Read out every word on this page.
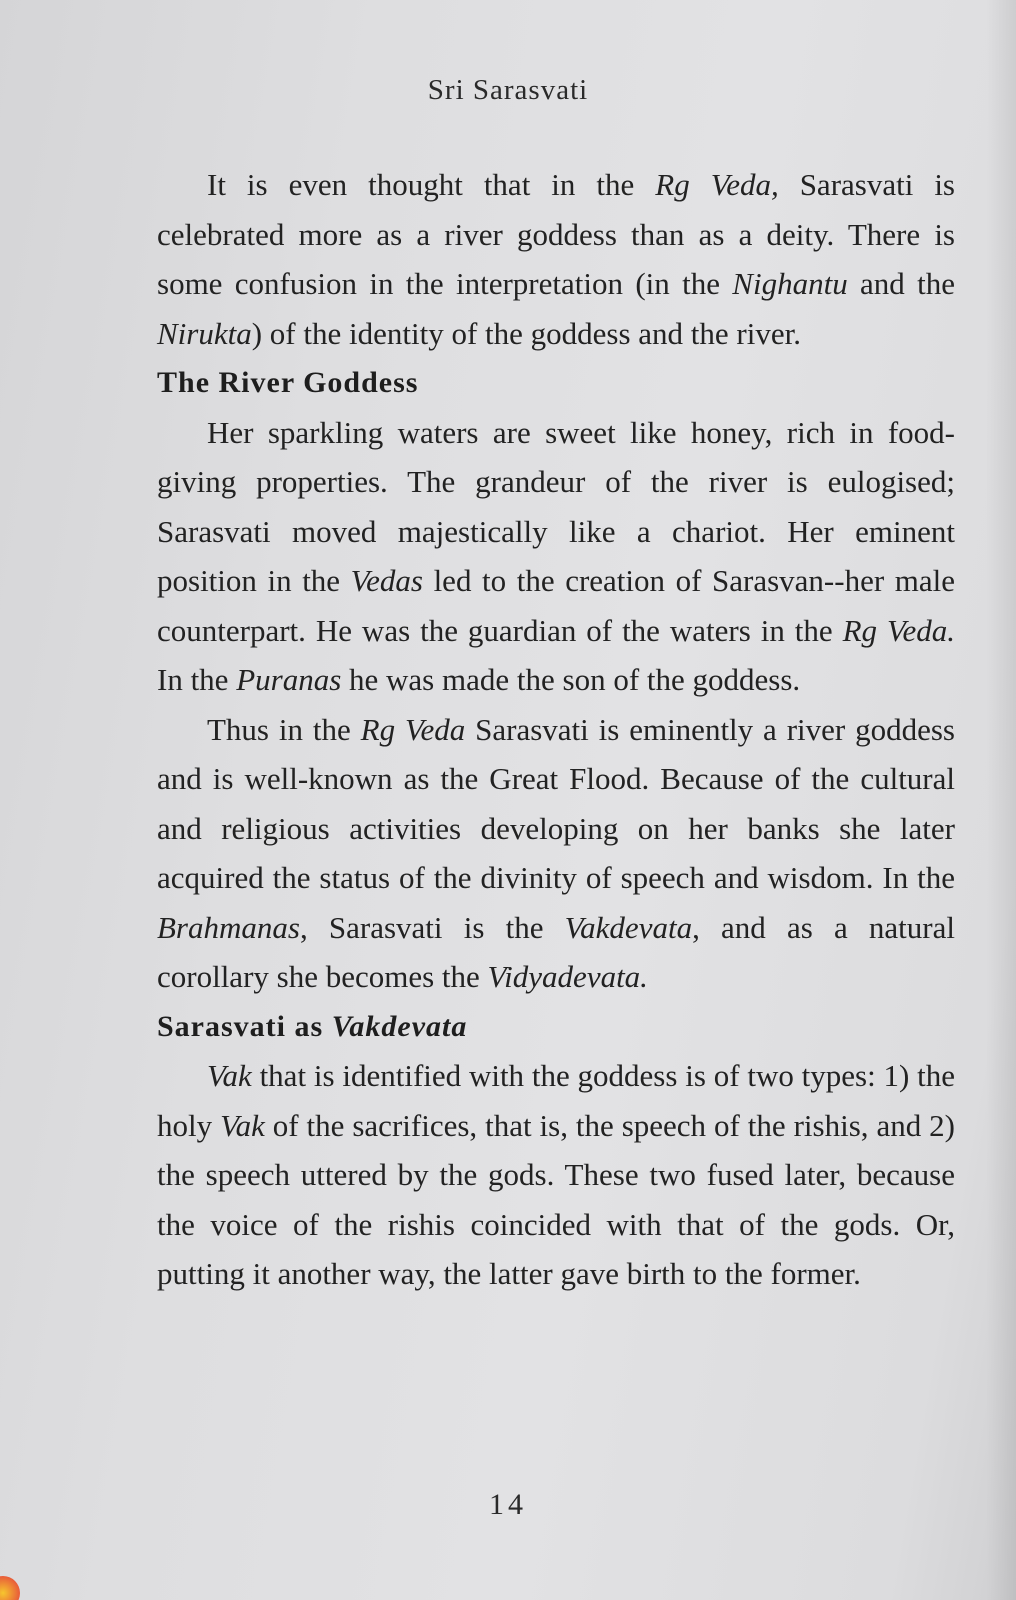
Sri Sarasvati

It is even thought that in the Rg Veda, Sarasvati is celebrated more as a river goddess than as a deity. There is some confusion in the interpretation (in the Nighantu and the Nirukta) of the identity of the goddess and the river.

The River Goddess

Her sparkling waters are sweet like honey, rich in food-giving properties. The grandeur of the river is eulogised; Sarasvati moved majestically like a chariot. Her eminent position in the Vedas led to the creation of Sarasvan--her male counterpart. He was the guardian of the waters in the Rg Veda. In the Puranas he was made the son of the goddess.

Thus in the Rg Veda Sarasvati is eminently a river goddess and is well-known as the Great Flood. Because of the cultural and religious activities developing on her banks she later acquired the status of the divinity of speech and wisdom. In the Brahmanas, Sarasvati is the Vakdevata, and as a natural corollary she becomes the Vidyadevata.

Sarasvati as Vakdevata

Vak that is identified with the goddess is of two types: 1) the holy Vak of the sacrifices, that is, the speech of the rishis, and 2) the speech uttered by the gods. These two fused later, because the voice of the rishis coincided with that of the gods. Or, putting it another way, the latter gave birth to the former.

14
